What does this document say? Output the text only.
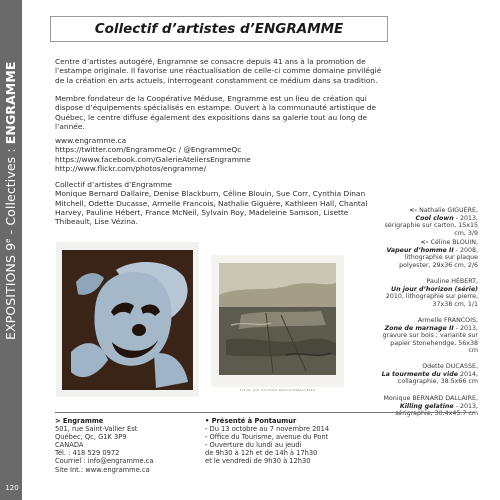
EXPOSITIONS 9e - Collectives : ENGRAMME
120
Collectif d’artistes d’ENGRAMME
Centre d’artistes autogéré, Engramme se consacre depuis 41 ans à la promotion de l’estampe originale. Il favorise une réactualisation de celle-ci comme domaine privilégié de la création en arts actuels, interrogeant constamment ce médium dans sa tradition.
Membre fondateur de la Coopérative Méduse, Engramme est un lieu de création qui dispose d’équipements spécialisés en estampe. Ouvert à la communauté artistique de Québec, le centre diffuse également des expositions dans sa galerie tout au long de l’année.
www.engramme.ca
https://twitter.com/EngrammeQc / @EngrammeQc
https://www.facebook.com/GalerieAteliersEngramme
http://www.flickr.com/photos/engramme/
Collectif d’artistes d’Engramme
Monique Bernard Dallaire, Denise Blackburn, Céline Blouin, Sue Corr, Cynthia Dinan Mitchell, Odette Ducasse, Armelle Francois, Nathalie Giguère, Kathleen Hall, Chantal Harvey, Pauline Hébert, France McNeil, Sylvain Roy, Madeleine Samson, Lisette Thibeault, Lise Vézina.
1/1 Un jour d’horizon Pauline Hébert 2010
<- Nathalie GIGUÈRE,
Cool clown - 2013, sérigraphie sur carton, 15x15 cm, 3/9
<- Céline BLOUIN,
Vapeur d’homme II - 2008, lithographie sur plaque polyester, 29x36 cm, 2/6
Pauline HÉBERT,
Un jour d’horizon (série) 2010, lithographie sur pierre, 37x38 cm, 1/1
Armelle FRANCOIS,
Zone de marnage II - 2013, gravure sur bois ; variante sur papier Stonehendge, 56x38 cm
Odette DUCASSE,
La tourmente du vide 2014, collagraphie, 38.5x66 cm
Monique BERNARD DALLAIRE,
Killing gelatine - 2013, sérigraphie, 30.4x45.7 cm
> Engramme
501, rue Saint-Vallier Est
Québec, Qc, G1K 3P9
CANADA
Tél. : 418 529 0972
Courriel : info@engramme.ca
Site Int.: www.engramme.ca
• Présenté à Pontaumur
- Du 13 octobre au 7 novembre 2014
- Office du Tourisme, avenue du Pont
- Ouverture du lundi au jeudi
de 9h30 à 12h et de 14h à 17h30
et le vendredi de 9h30 à 12h30
